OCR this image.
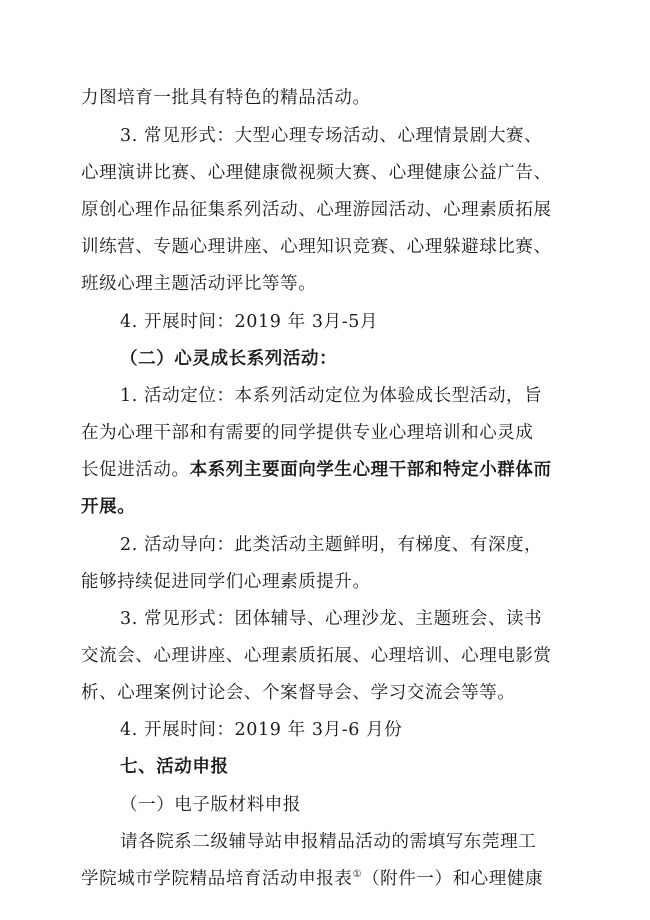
力图培育一批具有特色的精品活动。
3. 常见形式：大型心理专场活动、心理情景剧大赛、
心理演讲比赛、心理健康微视频大赛、心理健康公益广告、
原创心理作品征集系列活动、心理游园活动、心理素质拓展
训练营、专题心理讲座、心理知识竞赛、心理躲避球比赛、
班级心理主题活动评比等等。
4. 开展时间：2019 年 3月-5月
（二）心灵成长系列活动：
1. 活动定位：本系列活动定位为体验成长型活动，旨
在为心理干部和有需要的同学提供专业心理培训和心灵成
长促进活动。本系列主要面向学生心理干部和特定小群体而
开展。
2. 活动导向：此类活动主题鲜明，有梯度、有深度，
能够持续促进同学们心理素质提升。
3. 常见形式：团体辅导、心理沙龙、主题班会、读书
交流会、心理讲座、心理素质拓展、心理培训、心理电影赏
析、心理案例讨论会、个案督导会、学习交流会等等。
4. 开展时间：2019 年 3月-6 月份
七、活动申报
（一）电子版材料申报
请各院系二级辅导站申报精品活动的需填写东莞理工
学院城市学院精品培育活动申报表①（附件一）和心理健康
